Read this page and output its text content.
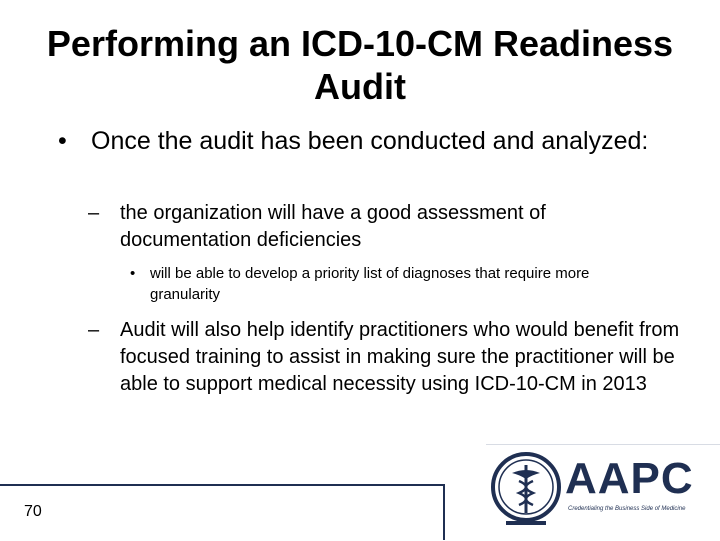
Performing an ICD-10-CM Readiness Audit
• Once the audit has been conducted and analyzed:
–	the organization will have a good assessment of documentation deficiencies
• will be able to develop a priority list of diagnoses that require more granularity
–	Audit will also help identify practitioners who would benefit from focused training to assist in making sure the practitioner will be able to support medical necessity using ICD-10-CM in 2013
70
AAPC
Credentialing the Business Side of Medicine
